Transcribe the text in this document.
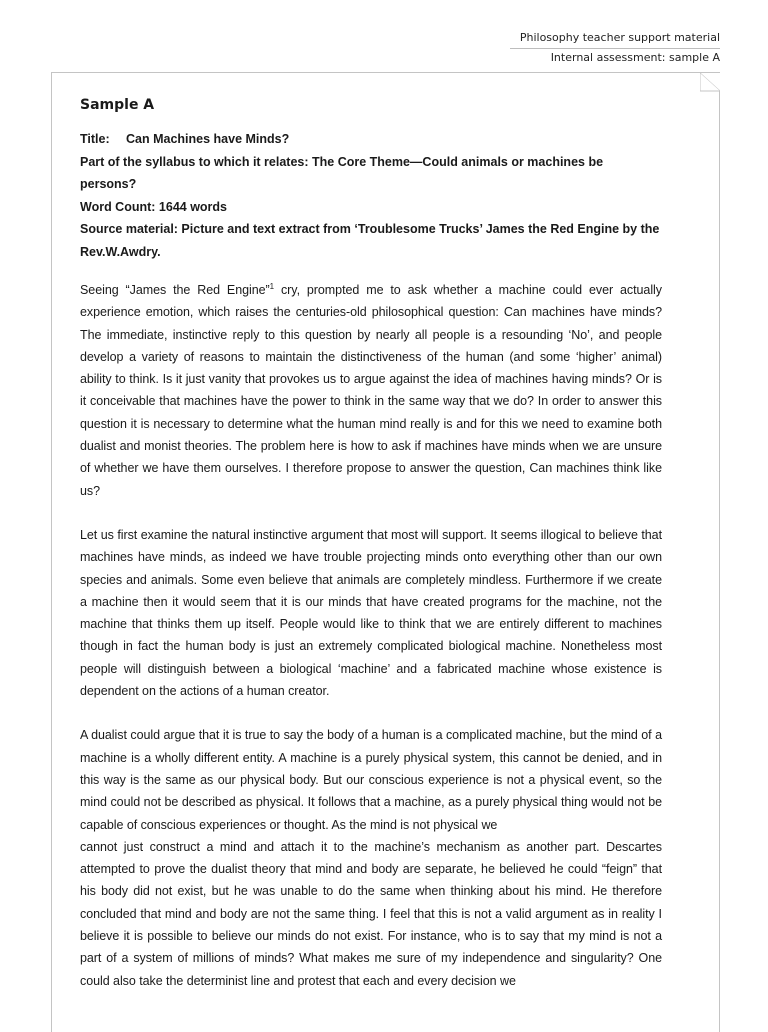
Philosophy teacher support material
Internal assessment: sample A
Sample A
Title: Can Machines have Minds?
Part of the syllabus to which it relates: The Core Theme—Could animals or machines be persons?
Word Count: 1644 words
Source material: Picture and text extract from ‘Troublesome Trucks’ James the Red Engine by the Rev.W.Awdry.

Seeing “James the Red Engine”$^1$ cry, prompted me to ask whether a machine could ever actually experience emotion, which raises the centuries-old philosophical question: Can machines have minds? The immediate, instinctive reply to this question by nearly all people is a resounding ‘No’, and people develop a variety of reasons to maintain the distinctiveness of the human (and some ‘higher’ animal) ability to think. Is it just vanity that provokes us to argue against the idea of machines having minds? Or is it conceivable that machines have the power to think in the same way that we do? In order to answer this question it is necessary to determine what the human mind really is and for this we need to examine both dualist and monist theories. The problem here is how to ask if machines have minds when we are unsure of whether we have them ourselves. I therefore propose to answer the question, Can machines think like us?

Let us first examine the natural instinctive argument that most will support. It seems illogical to believe that machines have minds, as indeed we have trouble projecting minds onto everything other than our own species and animals. Some even believe that animals are completely mindless. Furthermore if we create a machine then it would seem that it is our minds that have created programs for the machine, not the machine that thinks them up itself. People would like to think that we are entirely different to machines though in fact the human body is just an extremely complicated biological machine. Nonetheless most people will distinguish between a biological ‘machine’ and a fabricated machine whose existence is dependent on the actions of a human creator.

A dualist could argue that it is true to say the body of a human is a complicated machine, but the mind of a machine is a wholly different entity. A machine is a purely physical system, this cannot be denied, and in this way is the same as our physical body. But our conscious experience is not a physical event, so the mind could not be described as physical. It follows that a machine, as a purely physical thing would not be capable of conscious experiences or thought. As the mind is not physical we
cannot just construct a mind and attach it to the machine’s mechanism as another part. Descartes attempted to prove the dualist theory that mind and body are separate, he believed he could “feign” that his body did not exist, but he was unable to do the same when thinking about his mind. He therefore concluded that mind and body are not the same thing. I feel that this is not a valid argument as in reality I believe it is possible to believe our minds do not exist. For instance, who is to say that my mind is not a part of a system of millions of minds? What makes me sure of my independence and singularity? One could also take the determinist line and protest that each and every decision we
